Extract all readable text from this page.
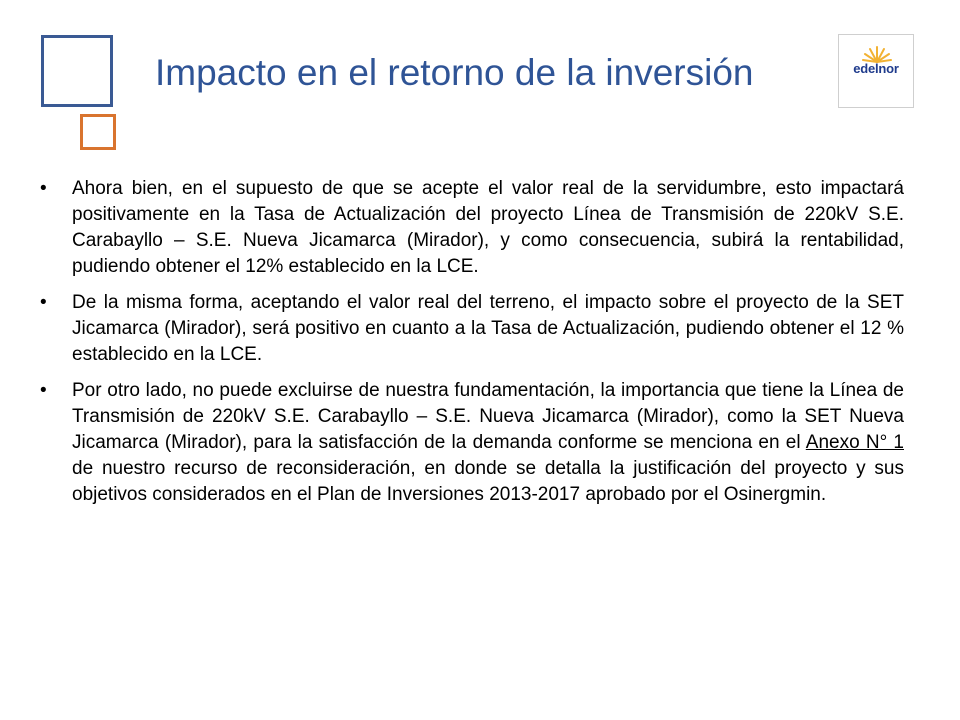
Impacto en el retorno de la inversión	edelnor
•	Ahora bien, en el supuesto de que se acepte el valor real de la servidumbre, esto impactará positivamente en la Tasa de Actualización del proyecto Línea de Transmisión de 220kV S.E. Carabayllo – S.E. Nueva Jicamarca (Mirador), y como consecuencia, subirá la rentabilidad, pudiendo obtener el 12% establecido en la LCE.
•	De la misma forma, aceptando el valor real del terreno, el impacto sobre el proyecto de la SET Jicamarca (Mirador), será positivo en cuanto a la Tasa de Actualización, pudiendo obtener el 12 % establecido en la LCE.
•	Por otro lado, no puede excluirse de nuestra fundamentación, la importancia que tiene la Línea de Transmisión de 220kV S.E. Carabayllo – S.E. Nueva Jicamarca (Mirador), como la SET Nueva Jicamarca (Mirador), para la satisfacción de la demanda conforme se menciona en el Anexo N° 1 de nuestro recurso de reconsideración, en donde se detalla la justificación del proyecto y sus objetivos considerados en el Plan de Inversiones 2013-2017 aprobado por el Osinergmin.
